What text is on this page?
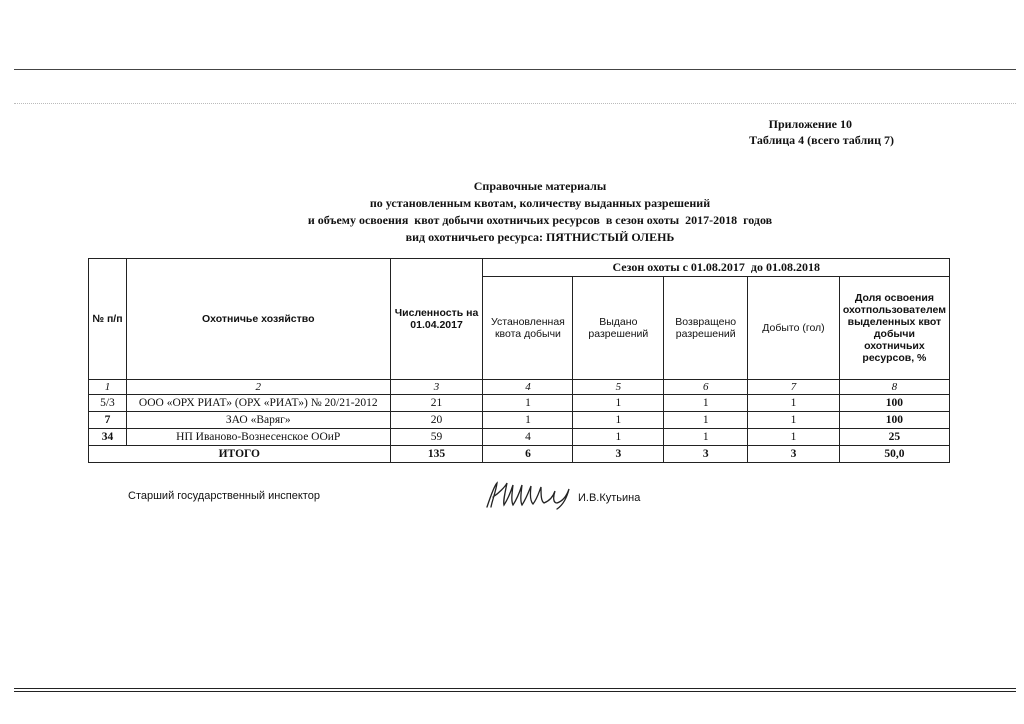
Приложение 10
Таблица 4 (всего таблиц 7)
Справочные материалы
по установленным квотам, количеству выданных разрешений
и объему освоения  квот добычи охотничьих ресурсов  в сезон охоты  2017-2018  годов
вид охотничьего ресурса: ПЯТНИСТЫЙ ОЛЕНЬ
№ п/п	Охотничье хозяйство	Численность на 01.04.2017	Сезон охоты с 01.08.2017  до 01.08.2018				
			Установленная квота добычи	Выдано разрешений	Возвращено разрешений	Добыто (гол)	Доля освоения охотпользователем выделенных квот добычи охотничьих ресурсов, %
1	2	3	4	5	6	7	8
5/3	ООО «ОРХ РИАТ» (ОРХ «РИАТ») № 20/21-2012	21	1	1	1	1	100
7	ЗАО «Варяг»	20	1	1	1	1	100
34	НП Иваново-Вознесенское ООиР	59	4	1	1	1	25
ИТОГО		135	6	3	3	3	50,0
Старший государственный инспектор	И.В.Кутьина
